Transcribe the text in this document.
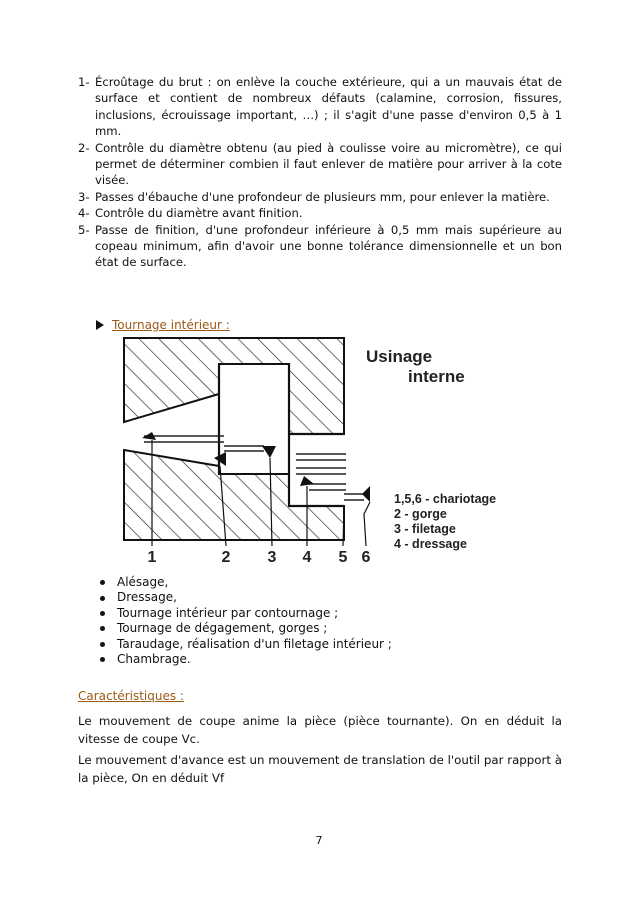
1- Écroûtage du brut : on enlève la couche extérieure, qui a un mauvais état de surface et contient de nombreux défauts (calamine, corrosion, fissures, inclusions, écrouissage important, …) ; il s'agit d'une passe d'environ 0,5 à 1 mm.
2- Contrôle du diamètre obtenu (au pied à coulisse voire au micromètre), ce qui permet de déterminer combien il faut enlever de matière pour arriver à la cote visée.
3- Passes d'ébauche d'une profondeur de plusieurs mm, pour enlever la matière.
4- Contrôle du diamètre avant finition.
5- Passe de finition, d'une profondeur inférieure à 0,5 mm mais supérieure au copeau minimum, afin d'avoir une bonne tolérance dimensionnelle et un bon état de surface.
Tournage intérieur :
Usinage
interne
1,5,6 - chariotage
2 - gorge
3 - filetage
4 - dressage
1	2 3 4 5 6
Alésage,
Dressage,
Tournage intérieur par contournage ;
Tournage de dégagement, gorges ;
Taraudage, réalisation d'un filetage intérieur ;
Chambrage.
Caractéristiques :

Le mouvement de coupe anime la pièce (pièce tournante). On en déduit la vitesse de coupe Vc.

Le mouvement d'avance est un mouvement de translation de l'outil par rapport à la pièce, On en déduit Vf

7
